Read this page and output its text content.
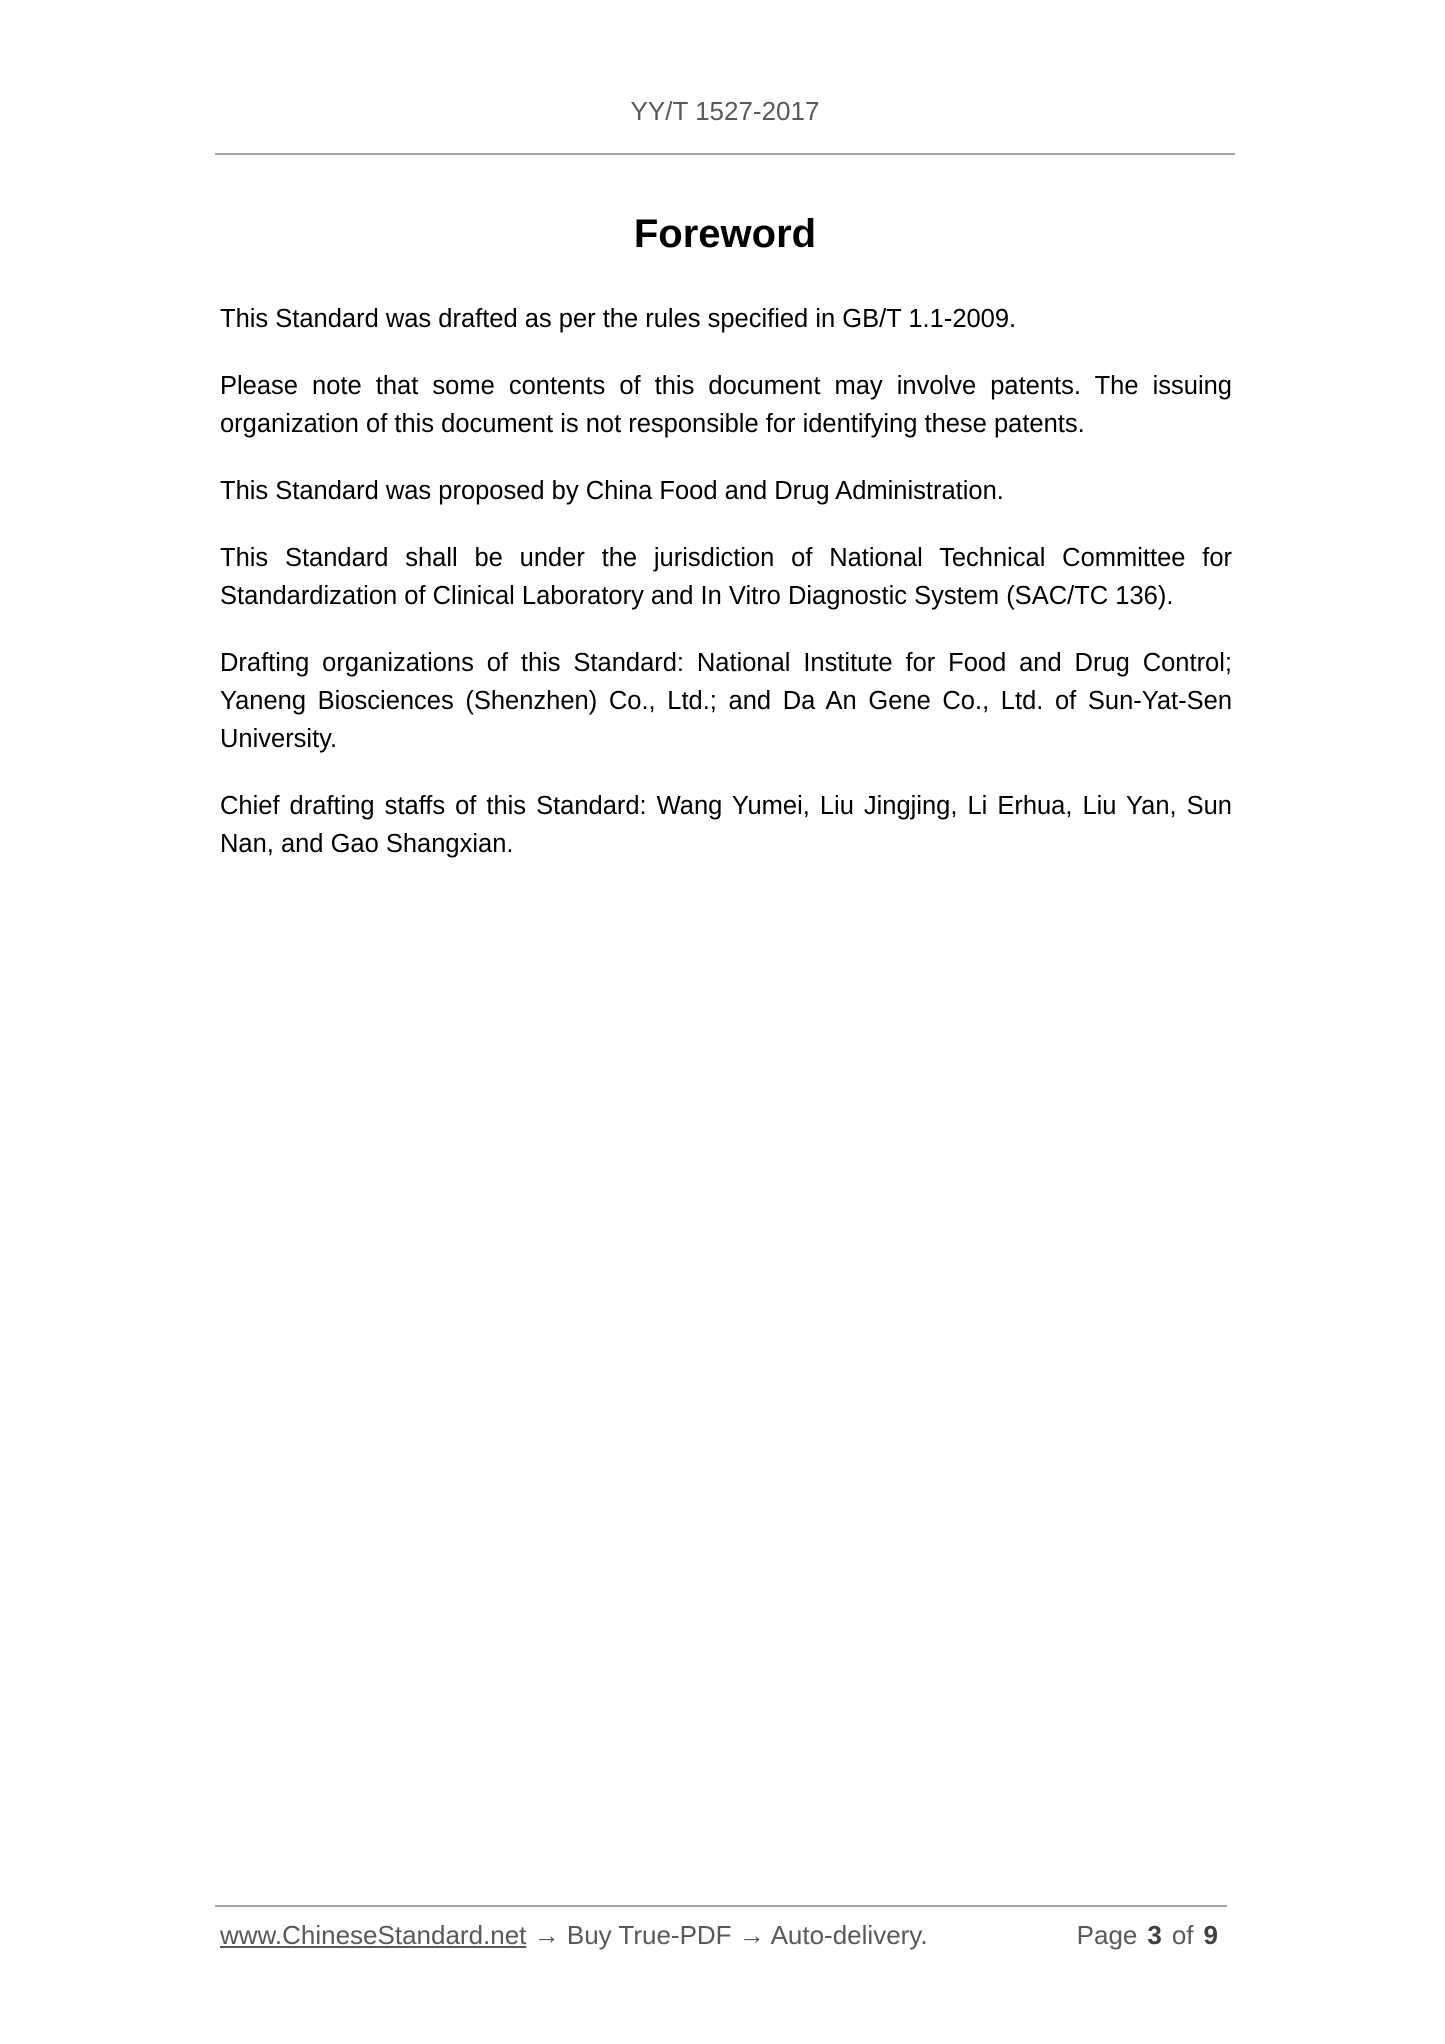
YY/T 1527-2017
Foreword

This Standard was drafted as per the rules specified in GB/T 1.1-2009.

Please note that some contents of this document may involve patents. The issuing organization of this document is not responsible for identifying these patents.

This Standard was proposed by China Food and Drug Administration.

This Standard shall be under the jurisdiction of National Technical Committee for Standardization of Clinical Laboratory and In Vitro Diagnostic System (SAC/TC 136).

Drafting organizations of this Standard: National Institute for Food and Drug Control; Yaneng Biosciences (Shenzhen) Co., Ltd.; and Da An Gene Co., Ltd. of Sun-Yat-Sen University.

Chief drafting staffs of this Standard: Wang Yumei, Liu Jingjing, Li Erhua, Liu Yan, Sun Nan, and Gao Shangxian.

www.ChineseStandard.net → Buy True-PDF → Auto-delivery.	Page 3 of 9
